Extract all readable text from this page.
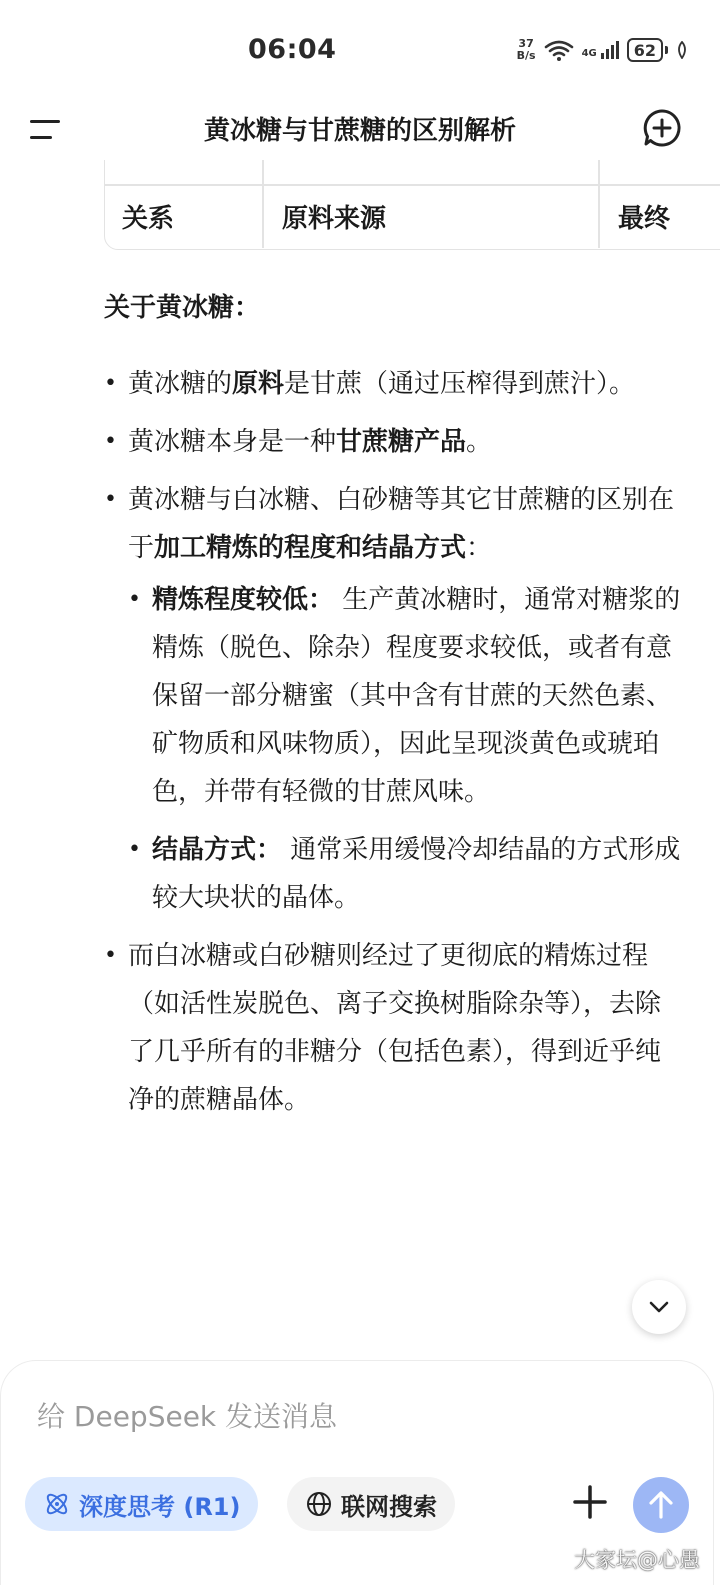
06:04	37
B/s	4G 62
黄冰糖与甘蔗糖的区别解析
关系	原料来源	最终
关于黄冰糖：
• 黄冰糖的原料是甘蔗（通过压榨得到蔗汁）。
• 黄冰糖本身是一种甘蔗糖产品。
• 黄冰糖与白冰糖、白砂糖等其它甘蔗糖的区别在于加工精炼的程度和结晶方式：
• 精炼程度较低： 生产黄冰糖时，通常对糖浆的精炼（脱色、除杂）程度要求较低，或者有意保留一部分糖蜜（其中含有甘蔗的天然色素、矿物质和风味物质），因此呈现淡黄色或琥珀色，并带有轻微的甘蔗风味。
• 结晶方式： 通常采用缓慢冷却结晶的方式形成较大块状的晶体。
• 而白冰糖或白砂糖则经过了更彻底的精炼过程（如活性炭脱色、离子交换树脂除杂等），去除了几乎所有的非糖分（包括色素），得到近乎纯净的蔗糖晶体。
给 DeepSeek 发送消息
深度思考 (R1)	联网搜索
大家坛@心愚
